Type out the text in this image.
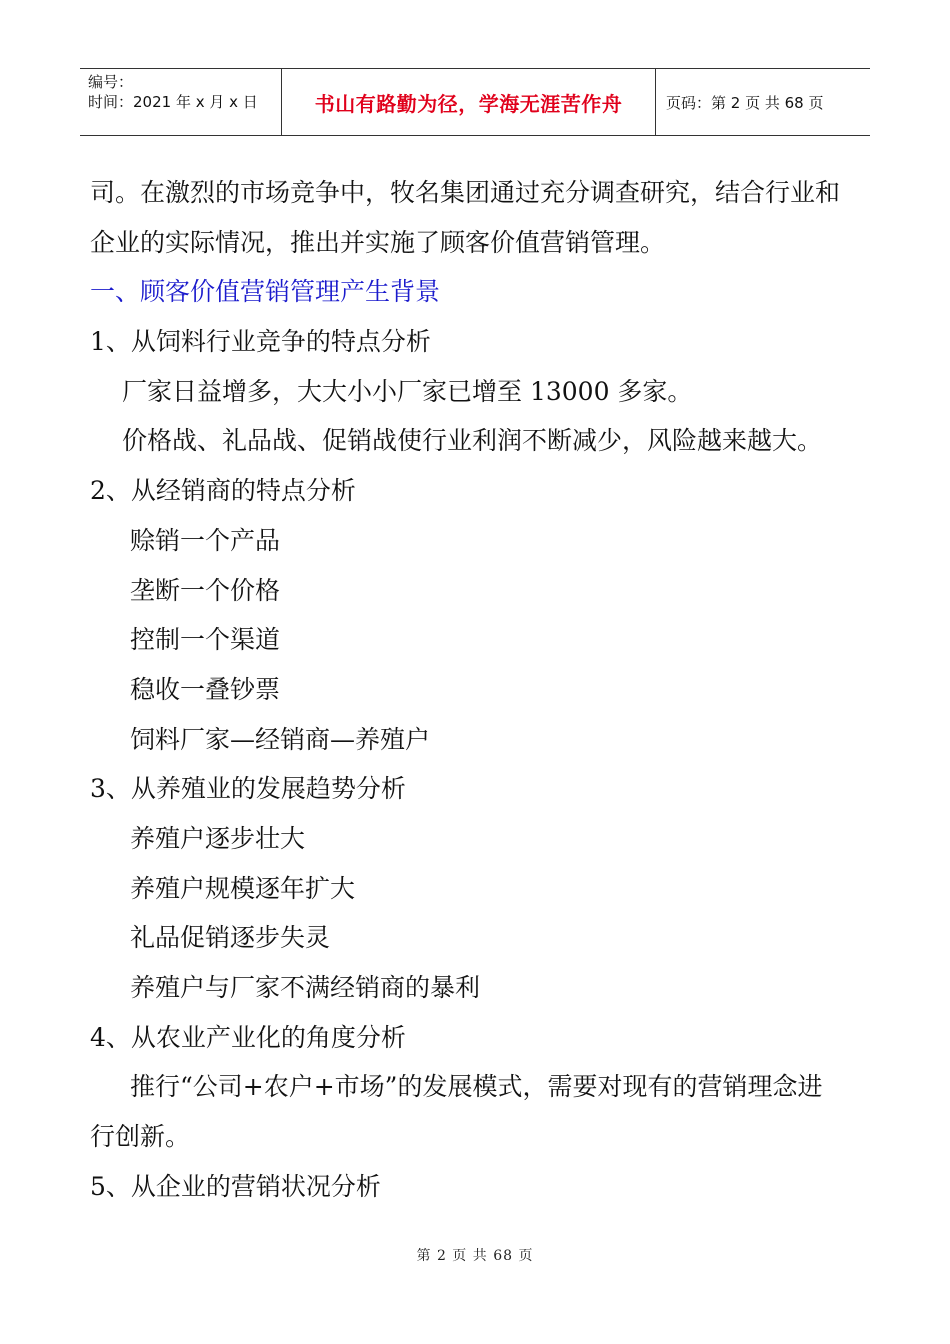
编号：
时间：2021 年 x 月 x 日	书山有路勤为径，学海无涯苦作舟	页码：第 2 页 共 68 页
司。在激烈的市场竞争中，牧名集团通过充分调查研究，结合行业和
企业的实际情况，推出并实施了顾客价值营销管理。
一、顾客价值营销管理产生背景
1、从饲料行业竞争的特点分析
厂家日益增多，大大小小厂家已增至 13000 多家。
价格战、礼品战、促销战使行业利润不断减少，风险越来越大。
2、从经销商的特点分析
赊销一个产品
垄断一个价格
控制一个渠道
稳收一叠钞票
饲料厂家—经销商—养殖户
3、从养殖业的发展趋势分析
养殖户逐步壮大
养殖户规模逐年扩大
礼品促销逐步失灵
养殖户与厂家不满经销商的暴利
4、从农业产业化的角度分析
推行“公司+农户+市场”的发展模式，需要对现有的营销理念进
行创新。
5、从企业的营销状况分析
第 2 页 共 68 页
